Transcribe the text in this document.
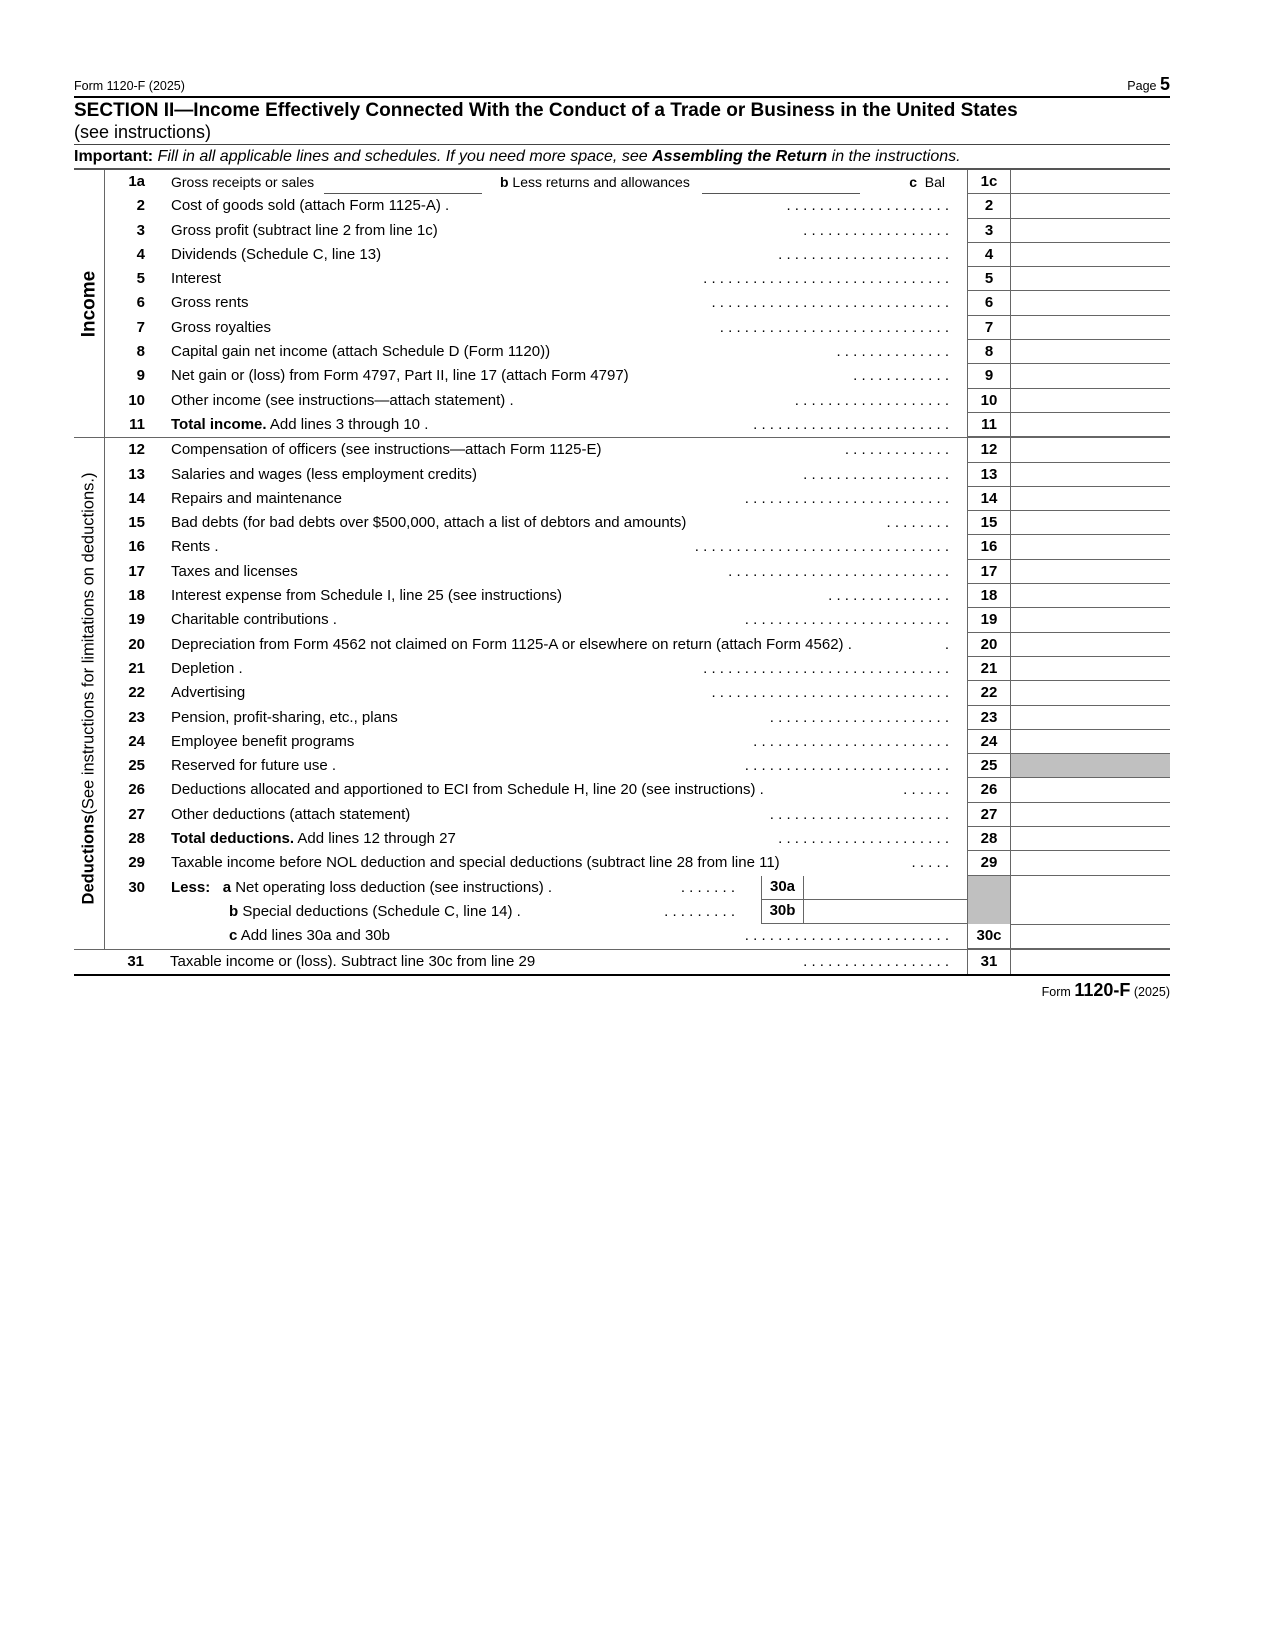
Form 1120-F (2025)	Page 5
SECTION II—Income Effectively Connected With the Conduct of a Trade or Business in the United States
(see instructions)
Important: Fill in all applicable lines and schedules. If you need more space, see Assembling the Return in the instructions.
Income
Deductions(See instructions for limitations on deductions.)
1a	Gross receipts or sales	b Less returns and allowances	c Bal	1c
2	Cost of goods sold (attach Form 1125-A) .	. . . . . . . . . . . . . . . . . . . .	2
3	Gross profit (subtract line 2 from line 1c)	. . . . . . . . . . . . . . . . . .	3
4	Dividends (Schedule C, line 13)	. . . . . . . . . . . . . . . . . . . . .	4
5	Interest	. . . . . . . . . . . . . . . . . . . . . . . . . . . . . .	5
6	Gross rents	. . . . . . . . . . . . . . . . . . . . . . . . . . . . .	6
7	Gross royalties	. . . . . . . . . . . . . . . . . . . . . . . . . . . .	7
8	Capital gain net income (attach Schedule D (Form 1120))	. . . . . . . . . . . . . .	8
9	Net gain or (loss) from Form 4797, Part II, line 17 (attach Form 4797)	. . . . . . . . . . . .	9
10	Other income (see instructions—attach statement) .	. . . . . . . . . . . . . . . . . . .	10
11	Total income. Add lines 3 through 10 .	. . . . . . . . . . . . . . . . . . . . . . . .	11
12	Compensation of officers (see instructions—attach Form 1125-E)	. . . . . . . . . . . . .	12
13	Salaries and wages (less employment credits)	. . . . . . . . . . . . . . . . . .	13
14	Repairs and maintenance	. . . . . . . . . . . . . . . . . . . . . . . . .	14
15	Bad debts (for bad debts over $500,000, attach a list of debtors and amounts)	. . . . . . . .	15
16	Rents .	. . . . . . . . . . . . . . . . . . . . . . . . . . . . . . .	16
17	Taxes and licenses	. . . . . . . . . . . . . . . . . . . . . . . . . . .	17
18	Interest expense from Schedule I, line 25 (see instructions)	. . . . . . . . . . . . . . .	18
19	Charitable contributions .	. . . . . . . . . . . . . . . . . . . . . . . . .	19
20	Depreciation from Form 4562 not claimed on Form 1125-A or elsewhere on return (attach Form 4562) .	.	20
21	Depletion .	. . . . . . . . . . . . . . . . . . . . . . . . . . . . . .	21
22	Advertising	. . . . . . . . . . . . . . . . . . . . . . . . . . . . .	22
23	Pension, profit-sharing, etc., plans	. . . . . . . . . . . . . . . . . . . . . .	23
24	Employee benefit programs	. . . . . . . . . . . . . . . . . . . . . . . .	24
25	Reserved for future use .	. . . . . . . . . . . . . . . . . . . . . . . . .	25
26	Deductions allocated and apportioned to ECI from Schedule H, line 20 (see instructions) .	. . . . . .	26
27	Other deductions (attach statement)	. . . . . . . . . . . . . . . . . . . . . .	27
28	Total deductions. Add lines 12 through 27	. . . . . . . . . . . . . . . . . . . . .	28
29	Taxable income before NOL deduction and special deductions (subtract line 28 from line 11)	. . . . .	29
30	Less: a Net operating loss deduction (see instructions) .	. . . . . . .	30a
b Special deductions (Schedule C, line 14) .	. . . . . . . . .	30b
c Add lines 30a and 30b	. . . . . . . . . . . . . . . . . . . . . . . . .	30c
31	Taxable income or (loss). Subtract line 30c from line 29	. . . . . . . . . . . . . . . . . .	31
Form 1120-F (2025)
